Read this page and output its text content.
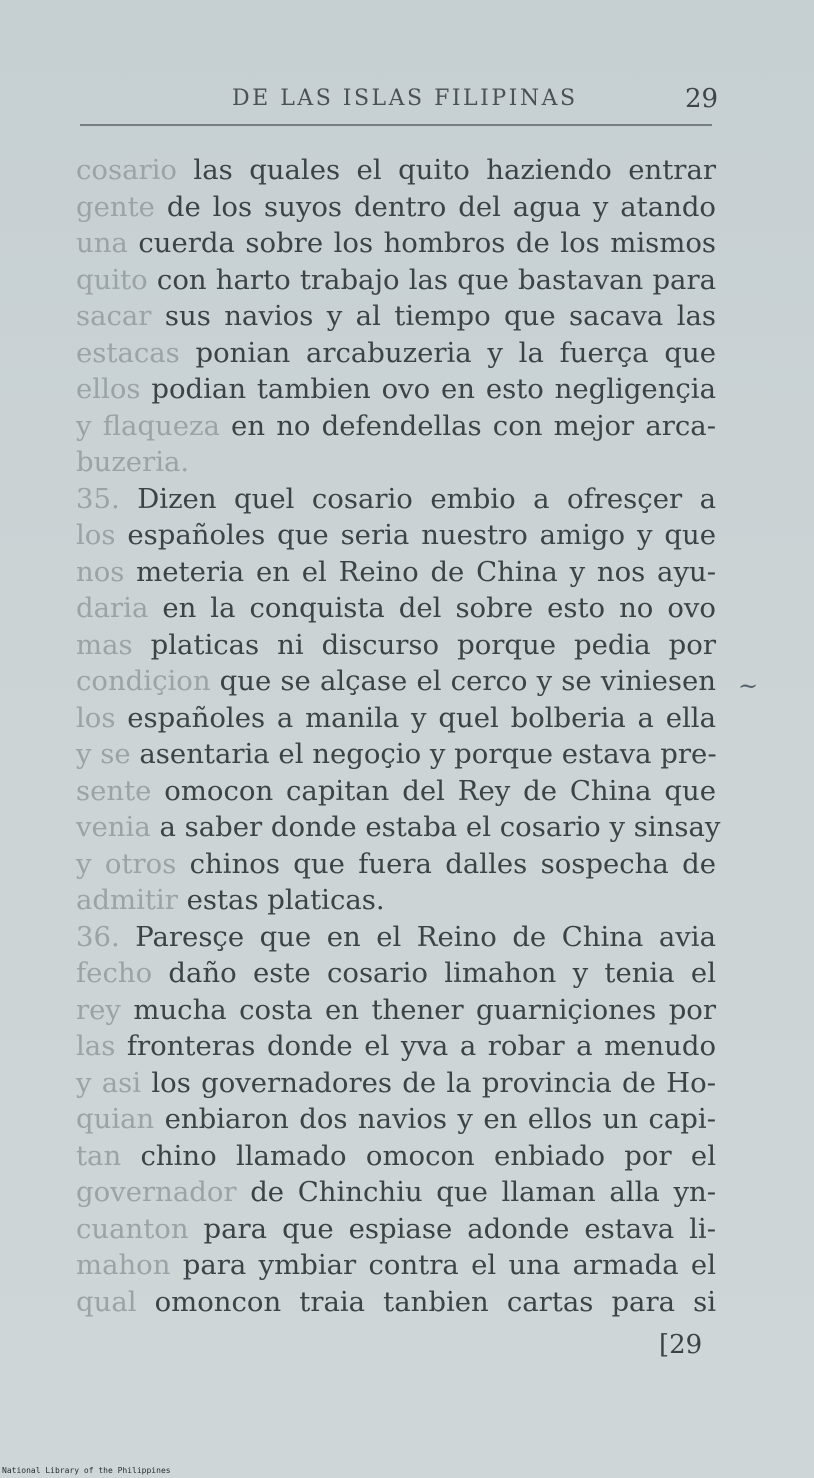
DE LAS ISLAS FILIPINAS	29
cosario las quales el quito haziendo entrar
gente de los suyos dentro del agua y atando
una cuerda sobre los hombros de los mismos
quito con harto trabajo las que bastavan para
sacar sus navios y al tiempo que sacava las
estacas ponian arcabuzeria y la fuerça que
ellos podian tambien ovo en esto negligençia
y flaqueza en no defendellas con mejor arca-
buzeria.
35. Dizen quel cosario embio a ofresçer a
los españoles que seria nuestro amigo y que
nos meteria en el Reino de China y nos ayu-
daria en la conquista del sobre esto no ovo
mas platicas ni discurso porque pedia por
condiçion que se alçase el cerco y se viniesen
los españoles a manila y quel bolberia a ella
y se asentaria el negoçio y porque estava pre-
sente omocon capitan del Rey de China que
venia a saber donde estaba el cosario y sinsay
y otros chinos que fuera dalles sospecha de
admitir estas platicas.
36. Paresçe que en el Reino de China avia
fecho daño este cosario limahon y tenia el
rey mucha costa en thener guarniçiones por
las fronteras donde el yva a robar a menudo
y asi los governadores de la provincia de Ho-
quian enbiaron dos navios y en ellos un capi-
tan chino llamado omocon enbiado por el
governador de Chinchiu que llaman alla yn-
cuanton para que espiase adonde estava li-
mahon para ymbiar contra el una armada el
qual omoncon traia tanbien cartas para si
~
[29
National Library of the Philippines
